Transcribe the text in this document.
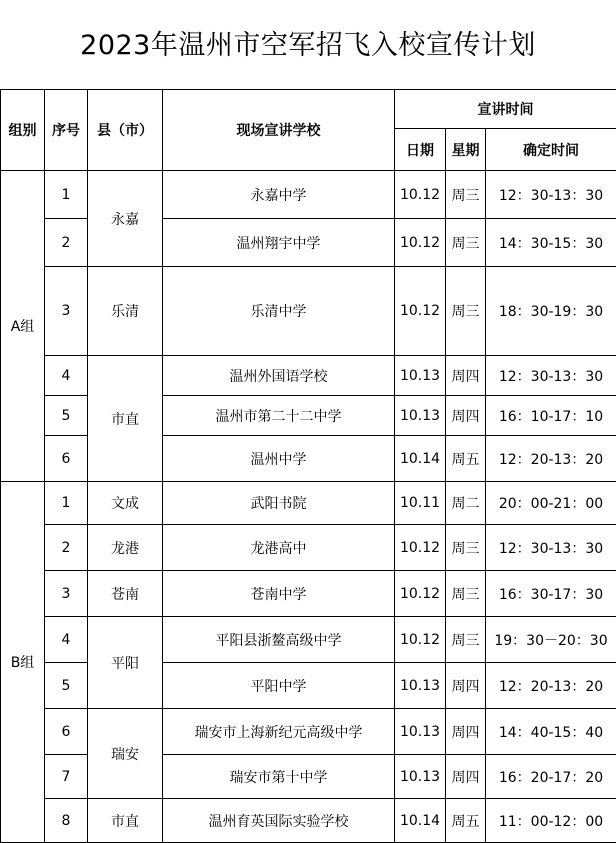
2023年温州市空军招飞入校宣传计划
组别	序号	县（市）	现场宣讲学校	宣讲时间		
				日期	星期	确定时间
A组	1	永嘉	永嘉中学	10.12	周三	12：30-13：30
	2		温州翔宇中学	10.12	周三	14：30-15：30
	3	乐清	乐清中学	10.12	周三	18：30-19：30
	4	市直	温州外国语学校	10.13	周四	12：30-13：30
	5		温州市第二十二中学	10.13	周四	16：10-17：10
	6		温州中学	10.14	周五	12：20-13：20
B组	1	文成	武阳书院	10.11	周二	20：00-21：00
	2	龙港	龙港高中	10.12	周三	12：30-13：30
	3	苍南	苍南中学	10.12	周三	16：30-17：30
	4	平阳	平阳县浙鳌高级中学	10.12	周三	19：30－20：30
	5		平阳中学	10.13	周四	12：20-13：20
	6	瑞安	瑞安市上海新纪元高级中学	10.13	周四	14：40-15：40
	7		瑞安市第十中学	10.13	周四	16：20-17：20
	8	市直	温州育英国际实验学校	10.14	周五	11：00-12：00
